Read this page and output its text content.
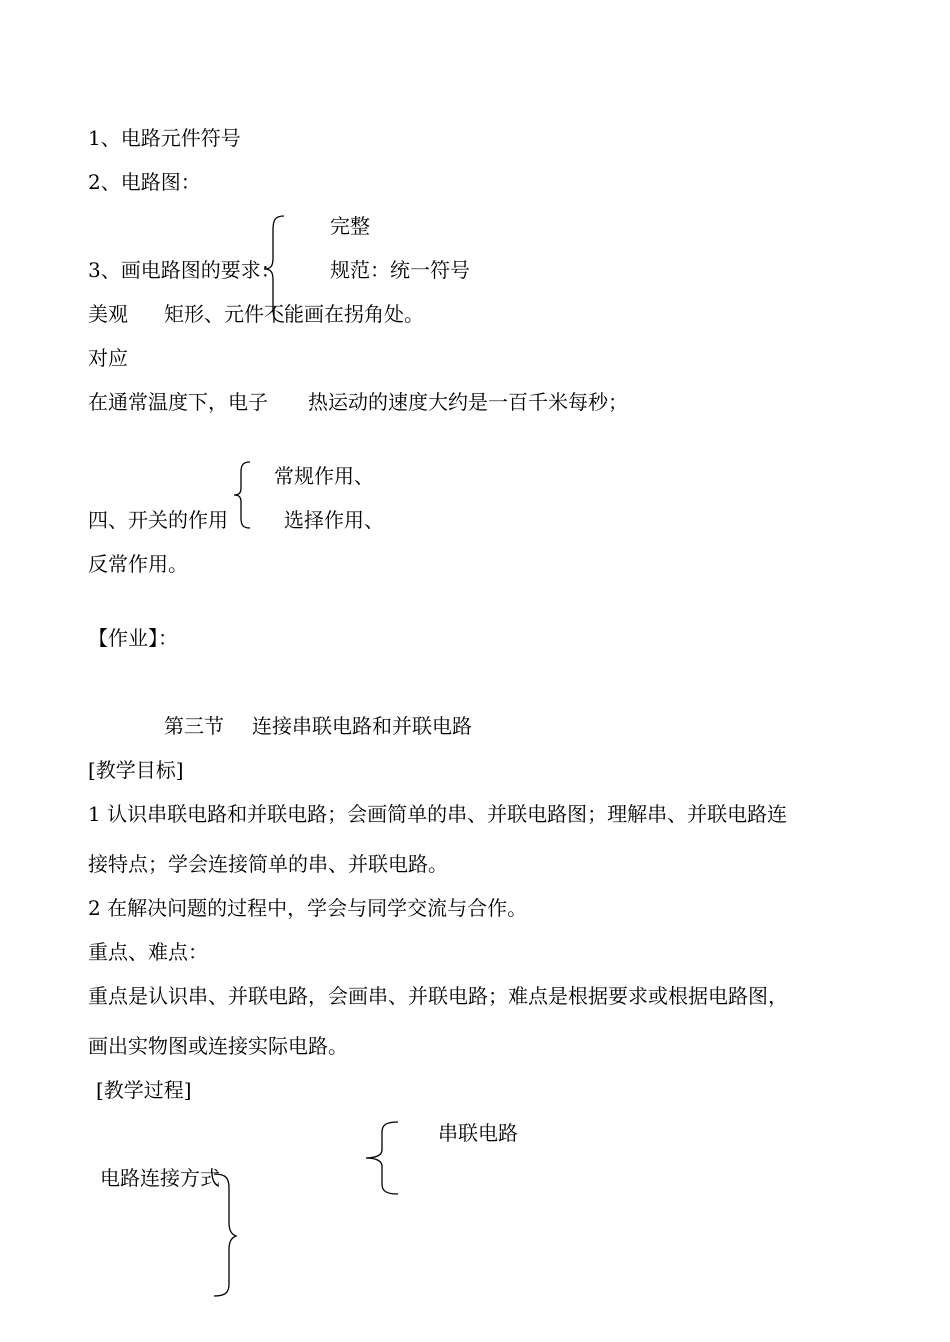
1、电路元件符号
2、电路图：
完整
3、画电路图的要求： 规范：统一符号
美观 矩形、元件不能画在拐角处。
对应
在通常温度下，电子 热运动的速度大约是一百千米每秒；
常规作用、
四、开关的作用	选择作用、
反常作用。
【作业】：
第三节 连接串联电路和并联电路
[教学目标]
1 认识串联电路和并联电路；会画简单的串、并联电路图；理解串、并联电路连
接特点；学会连接简单的串、并联电路。
2 在解决问题的过程中，学会与同学交流与合作。
重点、难点：
重点是认识串、并联电路，会画串、并联电路；难点是根据要求或根据电路图，
画出实物图或连接实际电路。
[教学过程]
串联电路
电路连接方式
